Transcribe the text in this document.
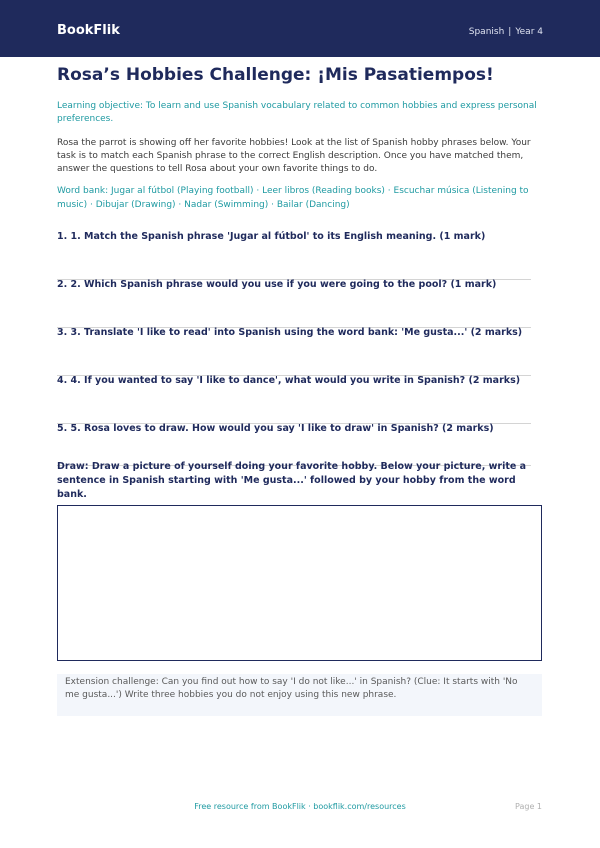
BookFlik	Spanish | Year 4
Rosa’s Hobbies Challenge: ¡Mis Pasatiempos!
Learning objective: To learn and use Spanish vocabulary related to common hobbies and express personal preferences.
Rosa the parrot is showing off her favorite hobbies! Look at the list of Spanish hobby phrases below. Your task is to match each Spanish phrase to the correct English description. Once you have matched them, answer the questions to tell Rosa about your own favorite things to do.
Word bank: Jugar al fútbol (Playing football) · Leer libros (Reading books) · Escuchar música (Listening to music) · Dibujar (Drawing) · Nadar (Swimming) · Bailar (Dancing)
1. 1. Match the Spanish phrase 'Jugar al fútbol' to its English meaning. (1 mark)
2. 2. Which Spanish phrase would you use if you were going to the pool? (1 mark)
3. 3. Translate 'I like to read' into Spanish using the word bank: 'Me gusta...' (2 marks)
4. 4. If you wanted to say 'I like to dance', what would you write in Spanish? (2 marks)
5. 5. Rosa loves to draw. How would you say 'I like to draw' in Spanish? (2 marks)
Draw: Draw a picture of yourself doing your favorite hobby. Below your picture, write a sentence in Spanish starting with 'Me gusta...' followed by your hobby from the word bank.
Extension challenge: Can you find out how to say 'I do not like...' in Spanish? (Clue: It starts with 'No me gusta...') Write three hobbies you do not enjoy using this new phrase.
Free resource from BookFlik · bookflik.com/resources	Page 1
